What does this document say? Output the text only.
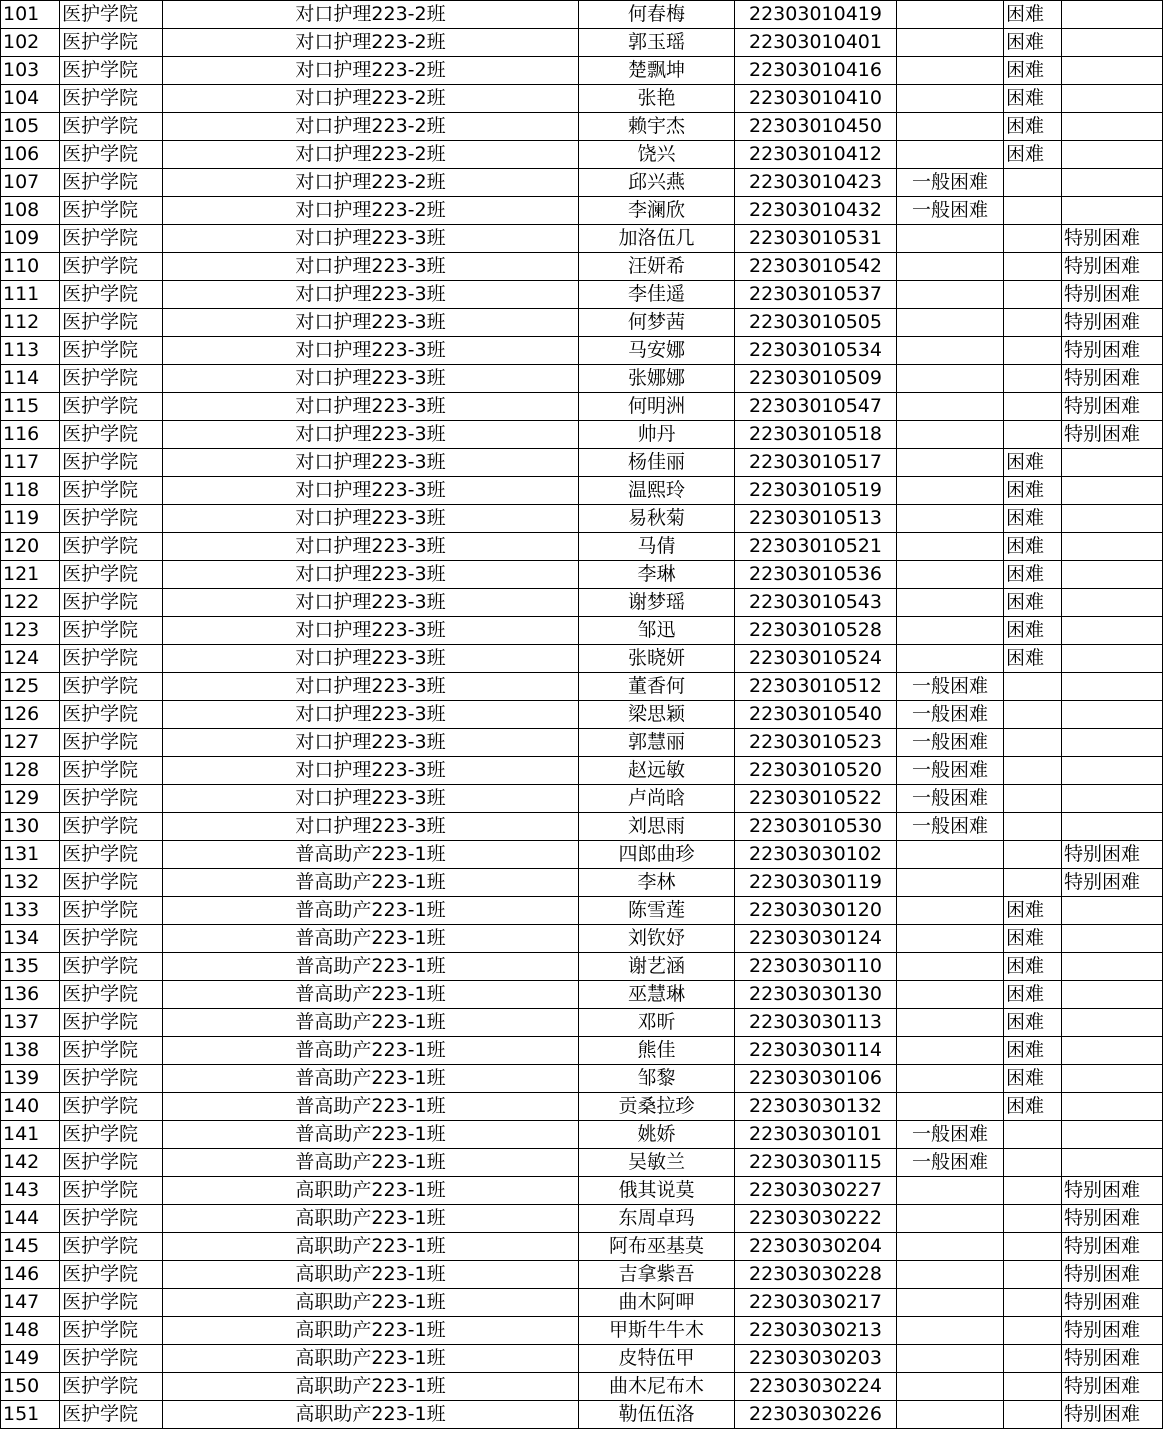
101	医护学院	对口护理223-2班	何春梅	22303010419		困难	
102	医护学院	对口护理223-2班	郭玉瑶	22303010401		困难	
103	医护学院	对口护理223-2班	楚飘坤	22303010416		困难	
104	医护学院	对口护理223-2班	张艳	22303010410		困难	
105	医护学院	对口护理223-2班	赖宇杰	22303010450		困难	
106	医护学院	对口护理223-2班	饶兴	22303010412		困难	
107	医护学院	对口护理223-2班	邱兴燕	22303010423	一般困难		
108	医护学院	对口护理223-2班	李澜欣	22303010432	一般困难		
109	医护学院	对口护理223-3班	加洛伍几	22303010531			特别困难
110	医护学院	对口护理223-3班	汪妍希	22303010542			特别困难
111	医护学院	对口护理223-3班	李佳遥	22303010537			特别困难
112	医护学院	对口护理223-3班	何梦茜	22303010505			特别困难
113	医护学院	对口护理223-3班	马安娜	22303010534			特别困难
114	医护学院	对口护理223-3班	张娜娜	22303010509			特别困难
115	医护学院	对口护理223-3班	何明洲	22303010547			特别困难
116	医护学院	对口护理223-3班	帅丹	22303010518			特别困难
117	医护学院	对口护理223-3班	杨佳丽	22303010517		困难	
118	医护学院	对口护理223-3班	温熙玲	22303010519		困难	
119	医护学院	对口护理223-3班	易秋菊	22303010513		困难	
120	医护学院	对口护理223-3班	马倩	22303010521		困难	
121	医护学院	对口护理223-3班	李琳	22303010536		困难	
122	医护学院	对口护理223-3班	谢梦瑶	22303010543		困难	
123	医护学院	对口护理223-3班	邹迅	22303010528		困难	
124	医护学院	对口护理223-3班	张晓妍	22303010524		困难	
125	医护学院	对口护理223-3班	董香何	22303010512	一般困难		
126	医护学院	对口护理223-3班	梁思颖	22303010540	一般困难		
127	医护学院	对口护理223-3班	郭慧丽	22303010523	一般困难		
128	医护学院	对口护理223-3班	赵远敏	22303010520	一般困难		
129	医护学院	对口护理223-3班	卢尚晗	22303010522	一般困难		
130	医护学院	对口护理223-3班	刘思雨	22303010530	一般困难		
131	医护学院	普高助产223-1班	四郎曲珍	22303030102			特别困难
132	医护学院	普高助产223-1班	李林	22303030119			特别困难
133	医护学院	普高助产223-1班	陈雪莲	22303030120		困难	
134	医护学院	普高助产223-1班	刘钦妤	22303030124		困难	
135	医护学院	普高助产223-1班	谢艺涵	22303030110		困难	
136	医护学院	普高助产223-1班	巫慧琳	22303030130		困难	
137	医护学院	普高助产223-1班	邓昕	22303030113		困难	
138	医护学院	普高助产223-1班	熊佳	22303030114		困难	
139	医护学院	普高助产223-1班	邹黎	22303030106		困难	
140	医护学院	普高助产223-1班	贡桑拉珍	22303030132		困难	
141	医护学院	普高助产223-1班	姚娇	22303030101	一般困难		
142	医护学院	普高助产223-1班	吴敏兰	22303030115	一般困难		
143	医护学院	高职助产223-1班	俄其说莫	22303030227			特别困难
144	医护学院	高职助产223-1班	东周卓玛	22303030222			特别困难
145	医护学院	高职助产223-1班	阿布巫基莫	22303030204			特别困难
146	医护学院	高职助产223-1班	吉拿紫吾	22303030228			特别困难
147	医护学院	高职助产223-1班	曲木阿呷	22303030217			特别困难
148	医护学院	高职助产223-1班	甲斯牛牛木	22303030213			特别困难
149	医护学院	高职助产223-1班	皮特伍甲	22303030203			特别困难
150	医护学院	高职助产223-1班	曲木尼布木	22303030224			特别困难
151	医护学院	高职助产223-1班	勒伍伍洛	22303030226			特别困难
